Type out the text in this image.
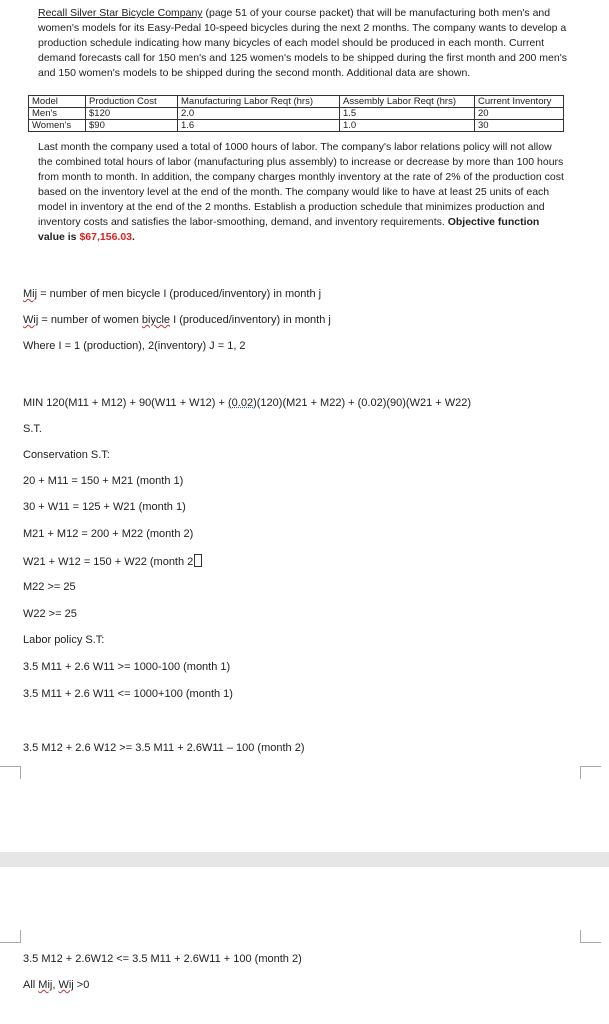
Recall Silver Star Bicycle Company (page 51 of your course packet) that will be manufacturing both men's and women's models for its Easy-Pedal 10-speed bicycles during the next 2 months. The company wants to develop a production schedule indicating how many bicycles of each model should be produced in each month. Current demand forecasts call for 150 men's and 125 women's models to be shipped during the first month and 200 men's and 150 women's models to be shipped during the second month. Additional data are shown.
Model	Production Cost	Manufacturing Labor Reqt (hrs)	Assembly Labor Reqt (hrs)	Current Inventory
Men's	$120	2.0	1.5	20
Women's	$90	1.6	1.0	30
Last month the company used a total of 1000 hours of labor. The company's labor relations policy will not allow the combined total hours of labor (manufacturing plus assembly) to increase or decrease by more than 100 hours from month to month. In addition, the company charges monthly inventory at the rate of 2% of the production cost based on the inventory level at the end of the month. The company would like to have at least 25 units of each model in inventory at the end of the 2 months. Establish a production schedule that minimizes production and inventory costs and satisfies the labor-smoothing, demand, and inventory requirements. Objective function value is $67,156.03.
Mij = number of men bicycle I (produced/inventory) in month j
Wij = number of women biycle I (produced/inventory) in month j
Where I = 1 (production), 2(inventory) J = 1, 2
MIN 120(M11 + M12) + 90(W11 + W12) + (0.02)(120)(M21 + M22) + (0.02)(90)(W21 + W22)
S.T.
Conservation S.T:
20 + M11 = 150 + M21 (month 1)
30 + W11 = 125 + W21 (month 1)
M21 + M12 = 200 + M22 (month 2)
W21 + W12 = 150 + W22 (month 2
M22 >= 25
W22 >= 25
Labor policy S.T:
3.5 M11 + 2.6 W11 >= 1000-100 (month 1)
3.5 M11 + 2.6 W11 <= 1000+100 (month 1)
3.5 M12 + 2.6 W12 >= 3.5 M11 + 2.6W11 – 100 (month 2)
3.5 M12 + 2.6W12 <= 3.5 M11 + 2.6W11 + 100 (month 2)
All Mij, Wij >0
